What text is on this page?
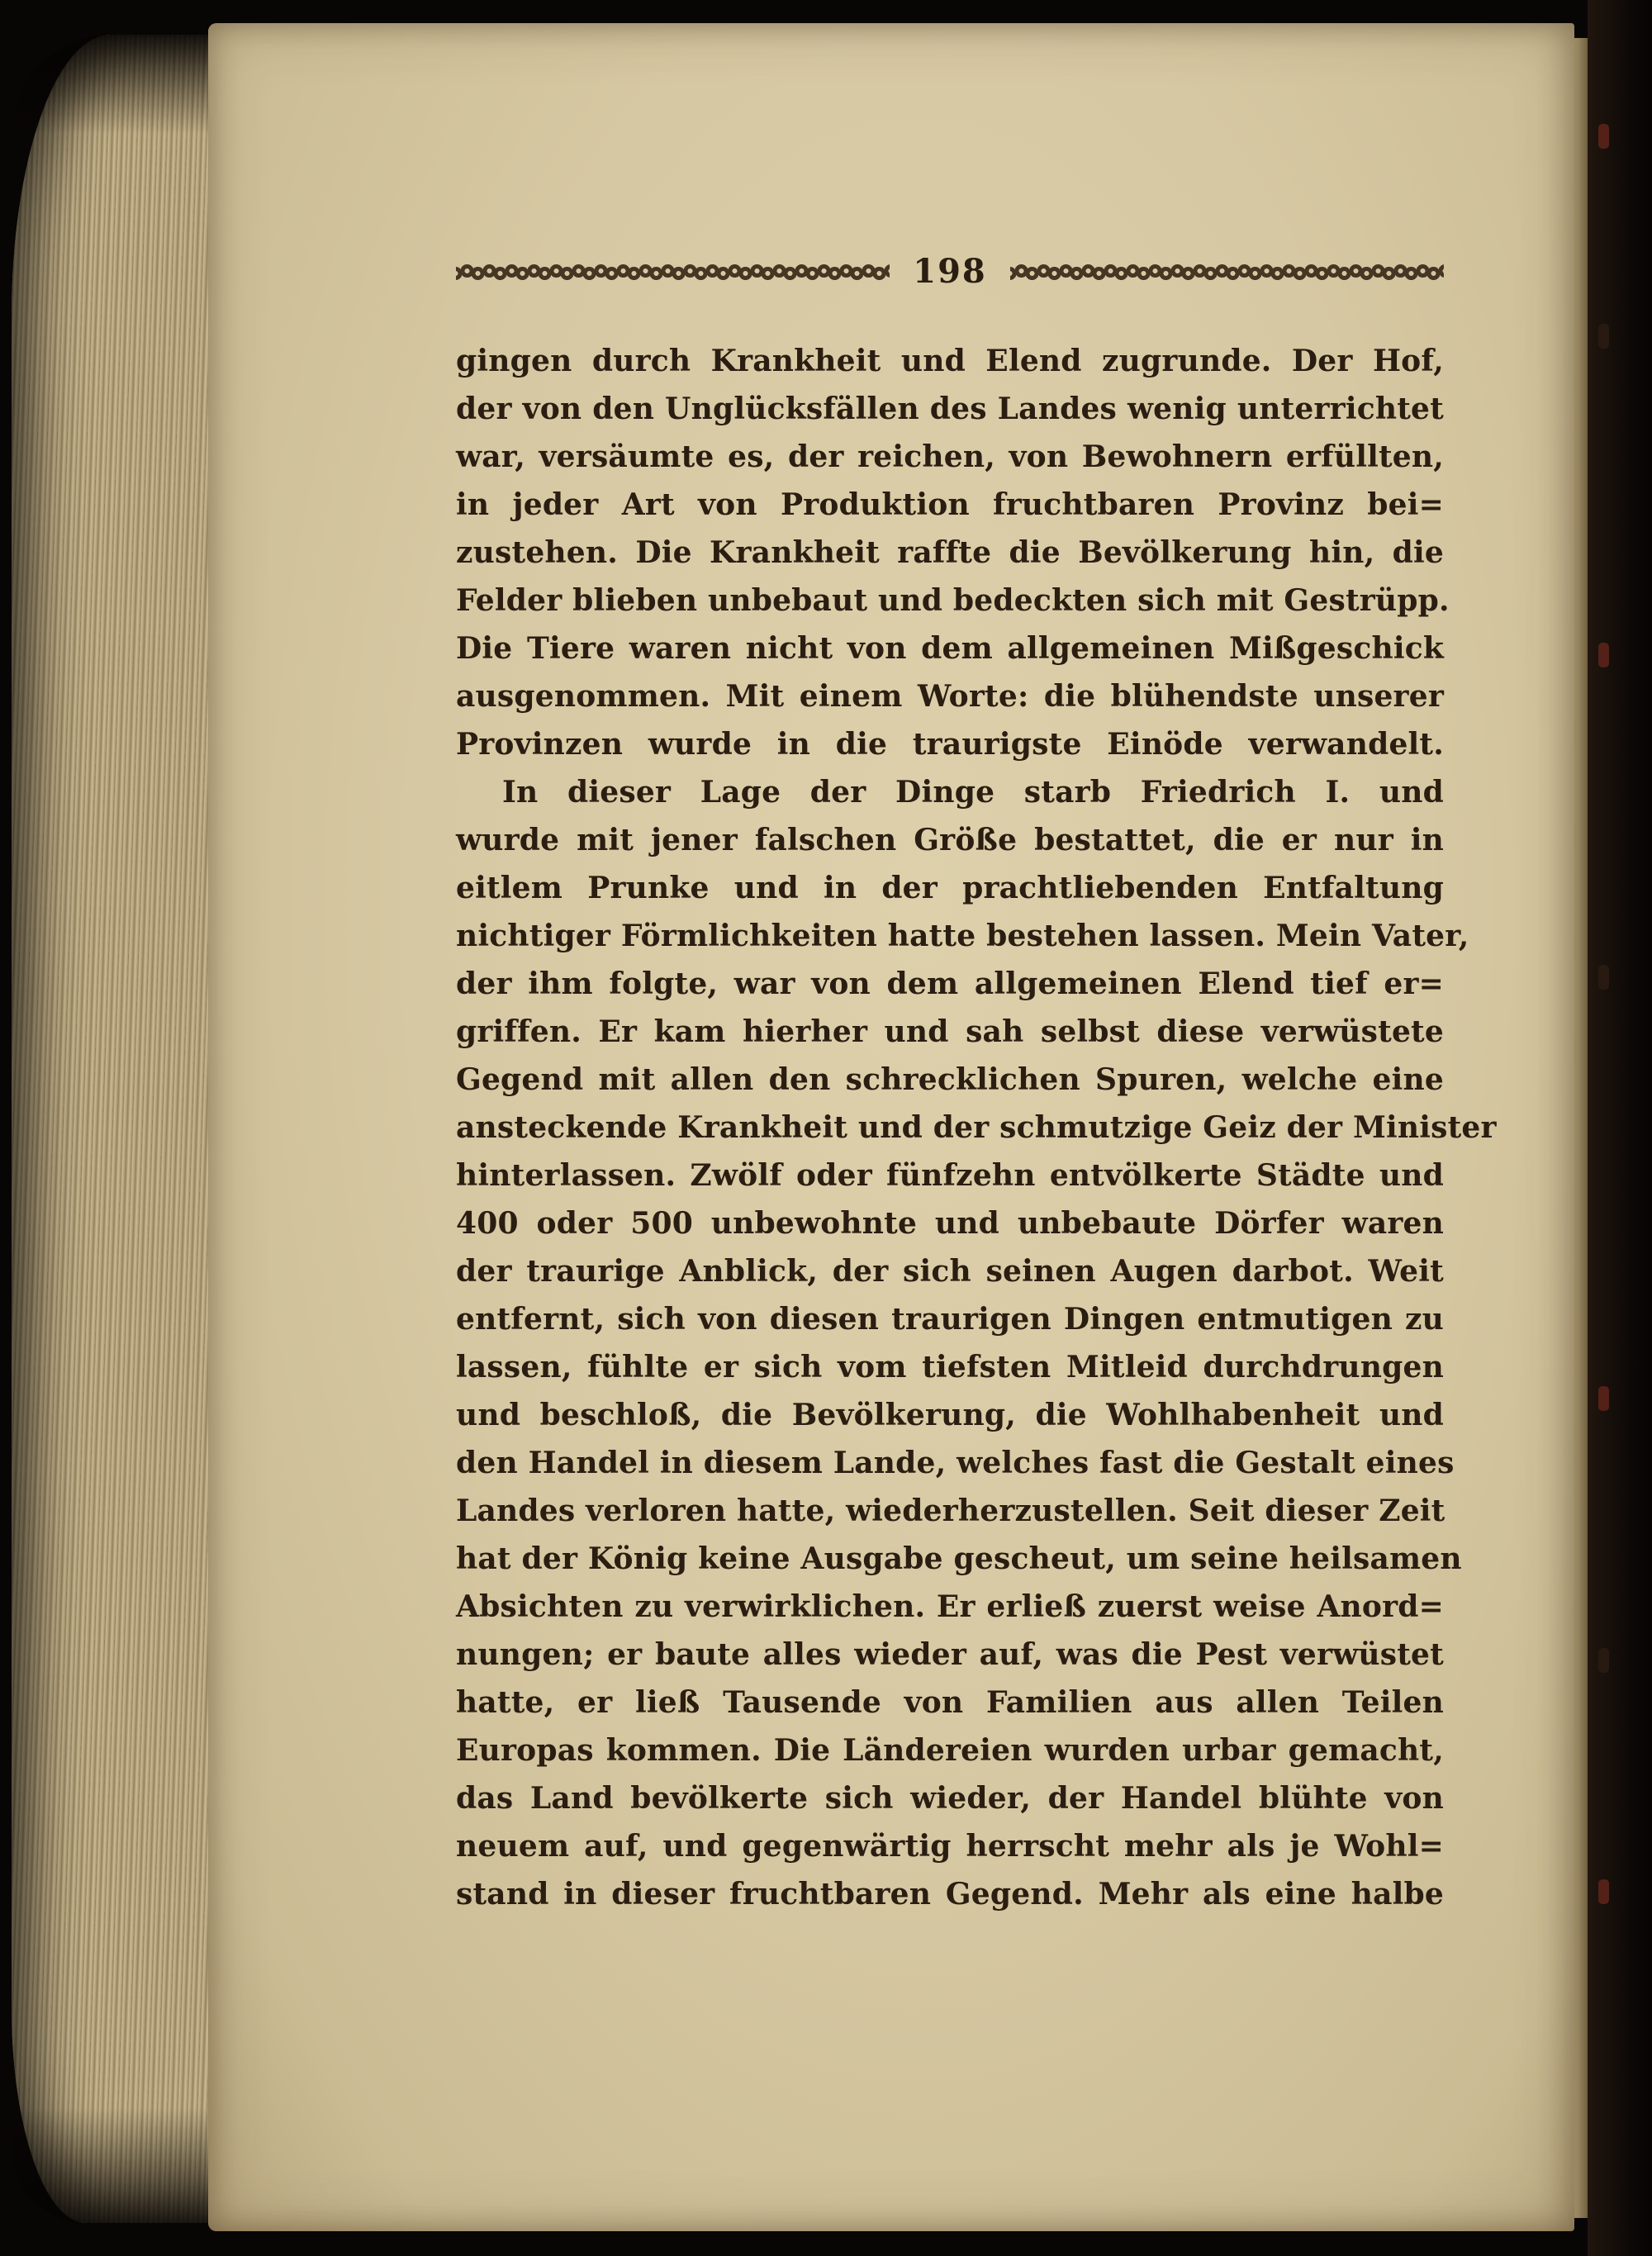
198
gingen durch Krankheit und Elend zugrunde. Der Hof,
der von den Unglücksfällen des Landes wenig unterrichtet
war, versäumte es, der reichen, von Bewohnern erfüllten,
in jeder Art von Produktion fruchtbaren Provinz bei=
zustehen. Die Krankheit raffte die Bevölkerung hin, die
Felder blieben unbebaut und bedeckten sich mit Gestrüpp.
Die Tiere waren nicht von dem allgemeinen Mißgeschick
ausgenommen. Mit einem Worte: die blühendste unserer
Provinzen wurde in die traurigste Einöde verwandelt.
In dieser Lage der Dinge starb Friedrich I. und
wurde mit jener falschen Größe bestattet, die er nur in
eitlem Prunke und in der prachtliebenden Entfaltung
nichtiger Förmlichkeiten hatte bestehen lassen. Mein Vater,
der ihm folgte, war von dem allgemeinen Elend tief er=
griffen. Er kam hierher und sah selbst diese verwüstete
Gegend mit allen den schrecklichen Spuren, welche eine
ansteckende Krankheit und der schmutzige Geiz der Minister
hinterlassen. Zwölf oder fünfzehn entvölkerte Städte und
400 oder 500 unbewohnte und unbebaute Dörfer waren
der traurige Anblick, der sich seinen Augen darbot. Weit
entfernt, sich von diesen traurigen Dingen entmutigen zu
lassen, fühlte er sich vom tiefsten Mitleid durchdrungen
und beschloß, die Bevölkerung, die Wohlhabenheit und
den Handel in diesem Lande, welches fast die Gestalt eines
Landes verloren hatte, wiederherzustellen. Seit dieser Zeit
hat der König keine Ausgabe gescheut, um seine heilsamen
Absichten zu verwirklichen. Er erließ zuerst weise Anord=
nungen; er baute alles wieder auf, was die Pest verwüstet
hatte, er ließ Tausende von Familien aus allen Teilen
Europas kommen. Die Ländereien wurden urbar gemacht,
das Land bevölkerte sich wieder, der Handel blühte von
neuem auf, und gegenwärtig herrscht mehr als je Wohl=
stand in dieser fruchtbaren Gegend. Mehr als eine halbe
